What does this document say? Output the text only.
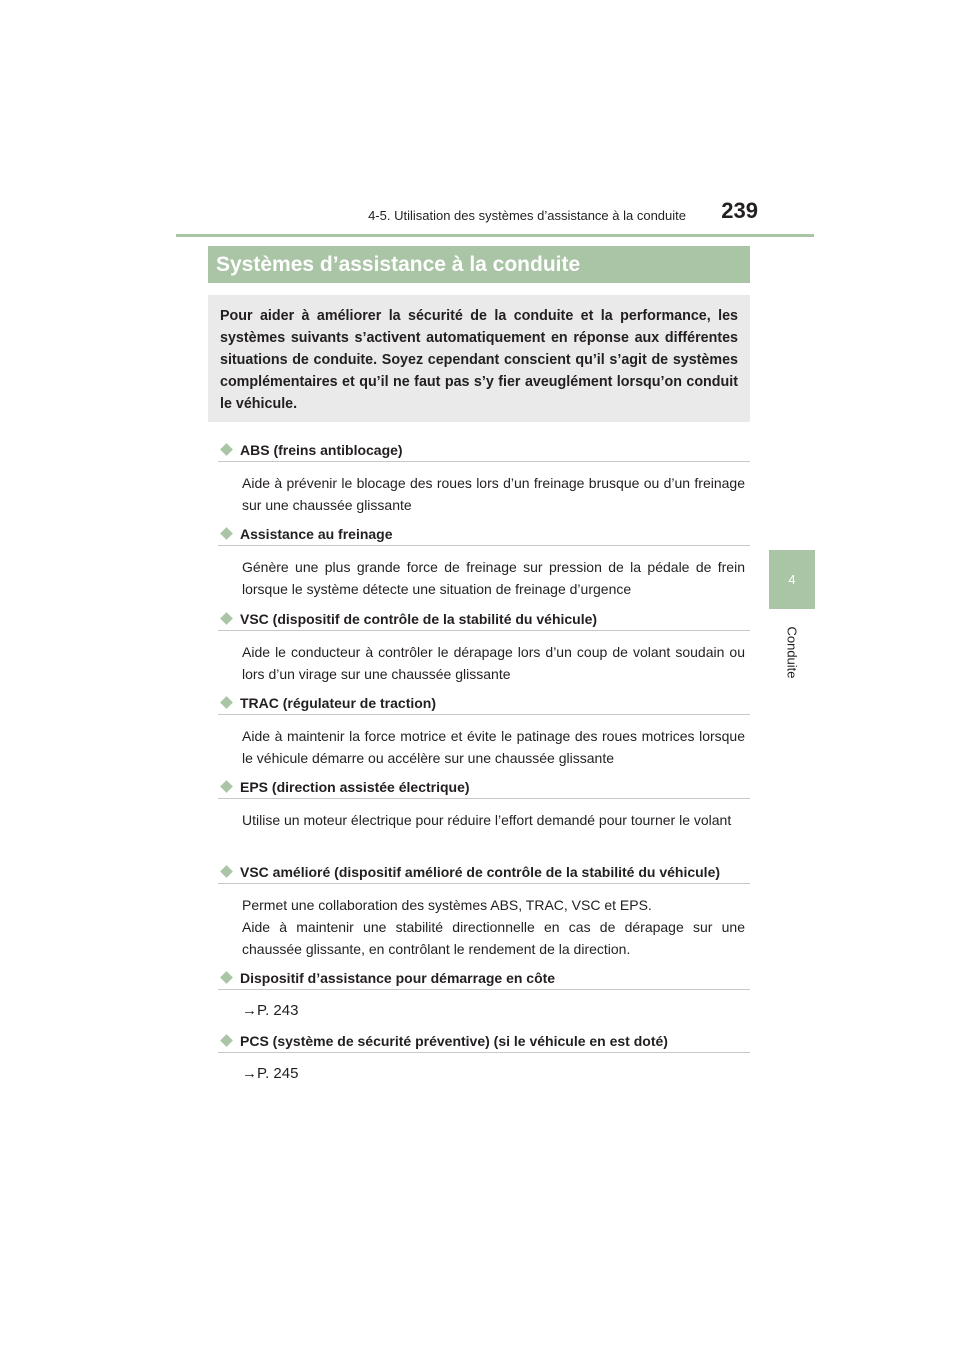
4-5. Utilisation des systèmes d’assistance à la conduite 239
4
Conduite
Systèmes d’assistance à la conduite
Pour aider à améliorer la sécurité de la conduite et la performance, les systèmes suivants s’activent automatiquement en réponse aux différentes situations de conduite. Soyez cependant conscient qu’il s’agit de systèmes complémentaires et qu’il ne faut pas s’y fier aveuglément lorsqu’on conduit le véhicule.
ABS (freins antiblocage)
Aide à prévenir le blocage des roues lors d’un freinage brusque ou d’un freinage sur une chaussée glissante
Assistance au freinage
Génère une plus grande force de freinage sur pression de la pédale de frein lorsque le système détecte une situation de freinage d’urgence
VSC (dispositif de contrôle de la stabilité du véhicule)
Aide le conducteur à contrôler le dérapage lors d’un coup de volant soudain ou lors d’un virage sur une chaussée glissante
TRAC (régulateur de traction)
Aide à maintenir la force motrice et évite le patinage des roues motrices lorsque le véhicule démarre ou accélère sur une chaussée glissante
EPS (direction assistée électrique)
Utilise un moteur électrique pour réduire l’effort demandé pour tourner le volant
VSC amélioré (dispositif amélioré de contrôle de la stabilité du véhicule)
Permet une collaboration des systèmes ABS, TRAC, VSC et EPS.
Aide à maintenir une stabilité directionnelle en cas de dérapage sur une chaussée glissante, en contrôlant le rendement de la direction.
Dispositif d’assistance pour démarrage en côte
→P. 243
PCS (système de sécurité préventive) (si le véhicule en est doté)
→P. 245
